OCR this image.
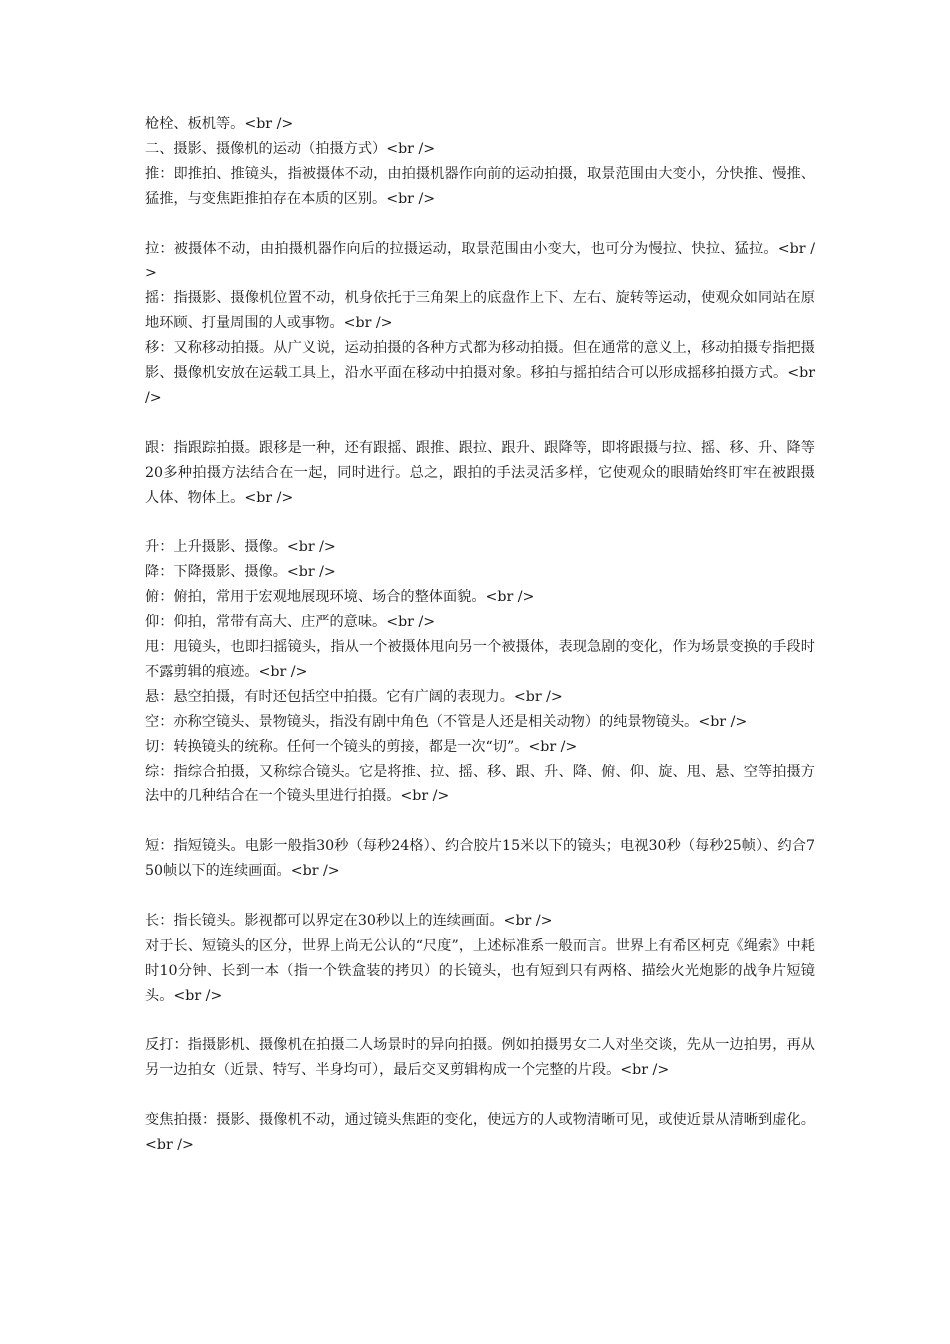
枪栓、板机等。<br />

二、摄影、摄像机的运动（拍摄方式）<br />

推：即推拍、推镜头，指被摄体不动，由拍摄机器作向前的运动拍摄，取景范围由大变小，分快推、慢推、猛推，与变焦距推拍存在本质的区别。<br />

拉：被摄体不动，由拍摄机器作向后的拉摄运动，取景范围由小变大，也可分为慢拉、快拉、猛拉。<br />

摇：指摄影、摄像机位置不动，机身依托于三角架上的底盘作上下、左右、旋转等运动，使观众如同站在原地环顾、打量周围的人或事物。<br />

移：又称移动拍摄。从广义说，运动拍摄的各种方式都为移动拍摄。但在通常的意义上，移动拍摄专指把摄影、摄像机安放在运载工具上，沿水平面在移动中拍摄对象。移拍与摇拍结合可以形成摇移拍摄方式。<br />

跟：指跟踪拍摄。跟移是一种，还有跟摇、跟推、跟拉、跟升、跟降等，即将跟摄与拉、摇、移、升、降等20多种拍摄方法结合在一起，同时进行。总之，跟拍的手法灵活多样，它使观众的眼睛始终盯牢在被跟摄人体、物体上。<br />

升：上升摄影、摄像。<br />

降：下降摄影、摄像。<br />

俯：俯拍，常用于宏观地展现环境、场合的整体面貌。<br />

仰：仰拍，常带有高大、庄严的意味。<br />

甩：甩镜头，也即扫摇镜头，指从一个被摄体甩向另一个被摄体，表现急剧的变化，作为场景变换的手段时不露剪辑的痕迹。<br />

悬：悬空拍摄，有时还包括空中拍摄。它有广阔的表现力。<br />

空：亦称空镜头、景物镜头，指没有剧中角色（不管是人还是相关动物）的纯景物镜头。<br />

切：转换镜头的统称。任何一个镜头的剪接，都是一次“切”。<br />

综：指综合拍摄，又称综合镜头。它是将推、拉、摇、移、跟、升、降、俯、仰、旋、甩、悬、空等拍摄方法中的几种结合在一个镜头里进行拍摄。<br />

短：指短镜头。电影一般指30秒（每秒24格）、约合胶片15米以下的镜头；电视30秒（每秒25帧）、约合750帧以下的连续画面。<br />

长：指长镜头。影视都可以界定在30秒以上的连续画面。<br />

对于长、短镜头的区分，世界上尚无公认的“尺度”，上述标准系一般而言。世界上有希区柯克《绳索》中耗时10分钟、长到一本（指一个铁盒装的拷贝）的长镜头，也有短到只有两格、描绘火光炮影的战争片短镜头。<br />

反打：指摄影机、摄像机在拍摄二人场景时的异向拍摄。例如拍摄男女二人对坐交谈，先从一边拍男，再从另一边拍女（近景、特写、半身均可），最后交叉剪辑构成一个完整的片段。<br />

变焦拍摄：摄影、摄像机不动，通过镜头焦距的变化，使远方的人或物清晰可见，或使近景从清晰到虚化。<br />
